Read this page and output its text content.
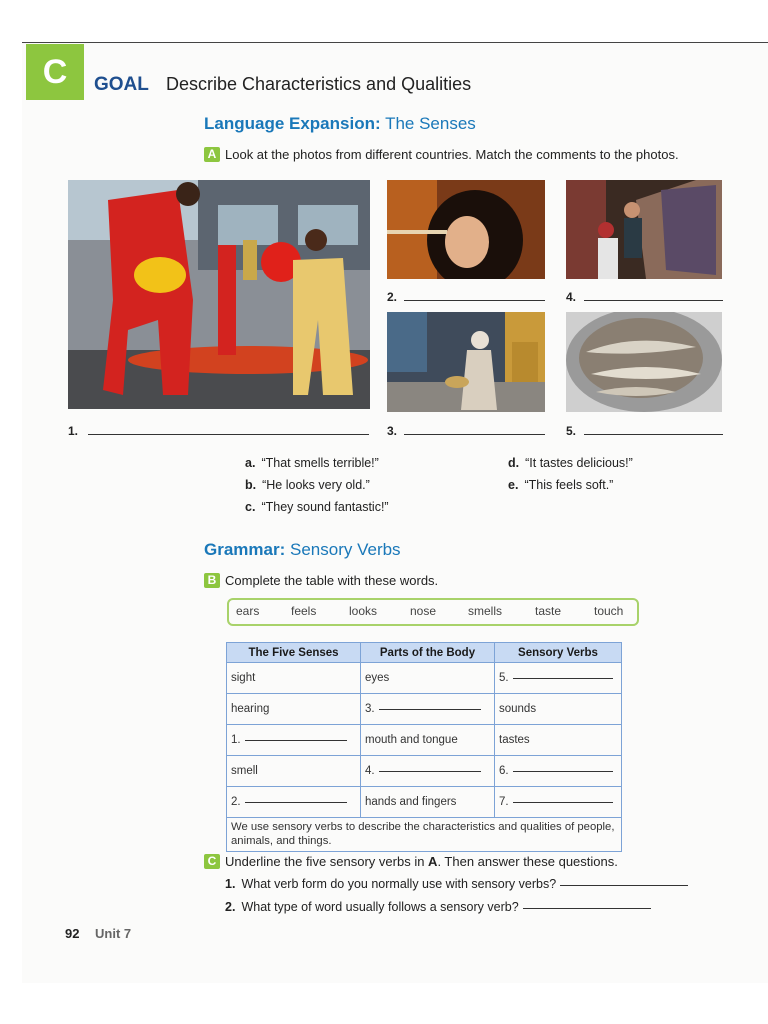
C	GOAL Describe Characteristics and Qualities
Language Expansion: The Senses
A Look at the photos from different countries. Match the comments to the photos.
1.
2.
3.
4.
5.
a. “That smells terrible!”
b. “He looks very old.”
c. “They sound fantastic!”
d. “It tastes delicious!”
e. “This feels soft.”
Grammar: Sensory Verbs
B Complete the table with these words.
ears	feels	looks	nose	smells	taste	touch
The Five Senses	Parts of the Body	Sensory Verbs
sight	eyes	5.
hearing	3.	sounds
1.	mouth and tongue	tastes
smell	4.	6.
2.	hands and fingers	7.
We use sensory verbs to describe the characteristics and qualities of people, animals, and things.		
C Underline the five sensory verbs in A. Then answer these questions.
1. What verb form do you normally use with sensory verbs?
2. What type of word usually follows a sensory verb?
92 Unit 7
